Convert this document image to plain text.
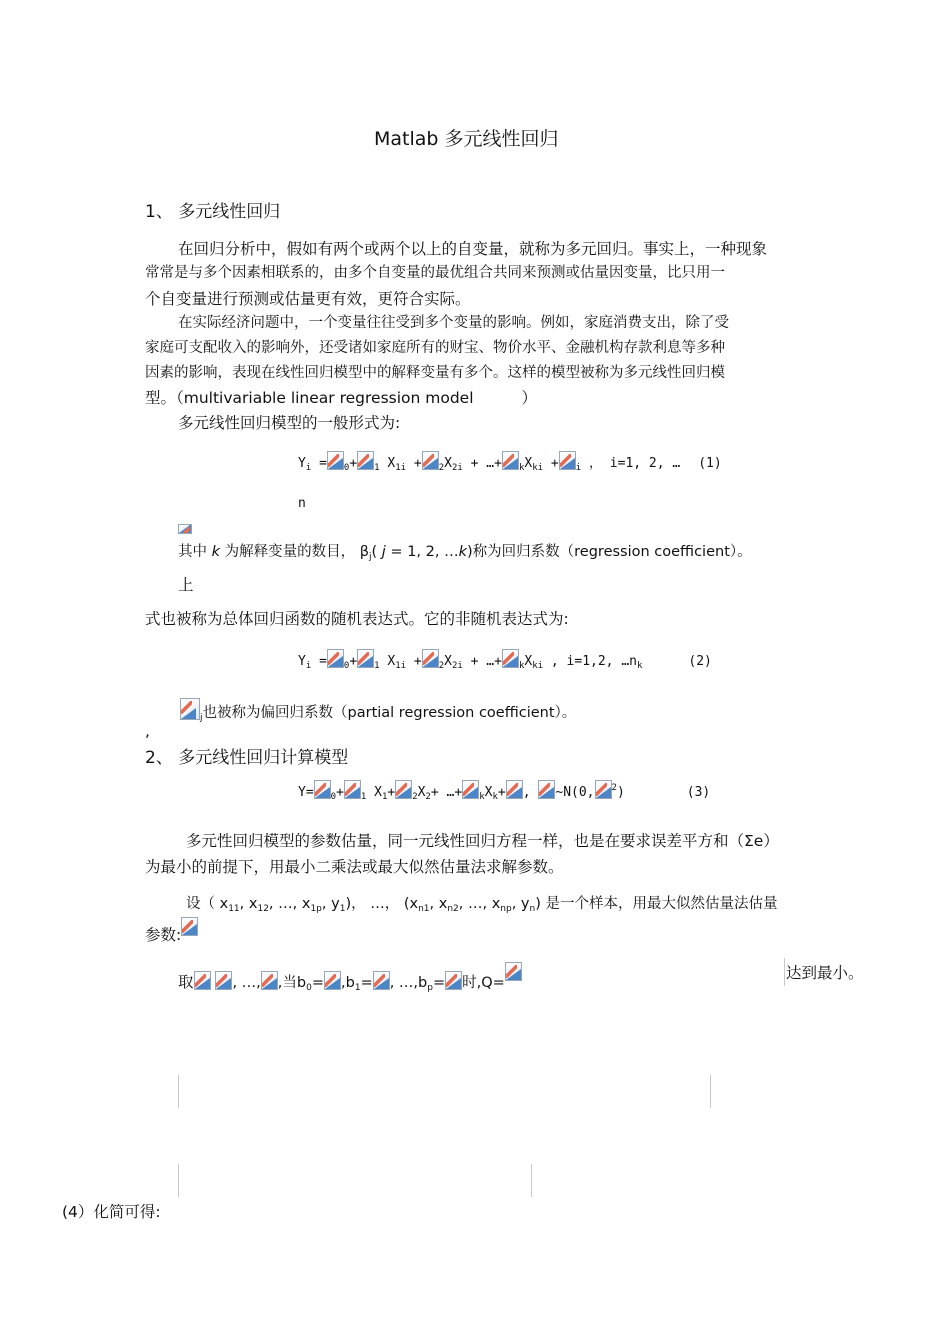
Matlab 多元线性回归
1、 多元线性回归
在回归分析中，假如有两个或两个以上的自变量，就称为多元回归。事实上，一种现象
常常是与多个因素相联系的，由多个自变量的最优组合共同来预测或估量因变量，比只用一
个自变量进行预测或估量更有效，更符合实际。
在实际经济问题中，一个变量往往受到多个变量的影响。例如，家庭消费支出，除了受
家庭可支配收入的影响外，还受诸如家庭所有的财宝、物价水平、金融机构存款利息等多种
因素的影响，表现在线性回归模型中的解释变量有多个。这样的模型被称为多元线性回归模
型。（multivariable linear regression model	）
多元线性回归模型的一般形式为:
$Y_i = _0+ _1$ $X_{1i} + _2X_{2i}$ + …+ $_kX_{ki} + _i$ ， i=1, 2, … (1)
n
其中 k 为解释变量的数目， $\beta_j$( j = 1, 2, …k)称为回归系数（regression coefficient）。
上
式也被称为总体回归函数的随机表达式。它的非随机表达式为:
$Y_i = _0+ _1$ $X_{1i} + _2X_{2i}$ + …+ $_kX_{ki}$ , i=1,2, $\dots n_k$	(2)
$_j$也被称为偏回归系数（partial regression coefficient）。
,
2、 多元线性回归计算模型
Y= $_0$+ $_1$ $X_1+ _2X_2+$ …+ $_kX_k+$ , ~N(0, $^2$)	(3)
多元性回归模型的参数估量，同一元线性回归方程一样，也是在要求误差平方和（Σe）
为最小的前提下，用最小二乘法或最大似然估量法求解参数。
设（ $x_{11}$, $x_{12}$, …, $x_{1p}$, $y_1$)， …， ($x_{n1}$, $x_{n2}$, …, $x_{np}$, $y_n$) 是一个样本，用最大似然估量法估量
参数:
取	, …, ,当$b_0= ,b_1=$ , $\dots,b_p=$ 时,Q=
达到最小。
(4）化简可得:
